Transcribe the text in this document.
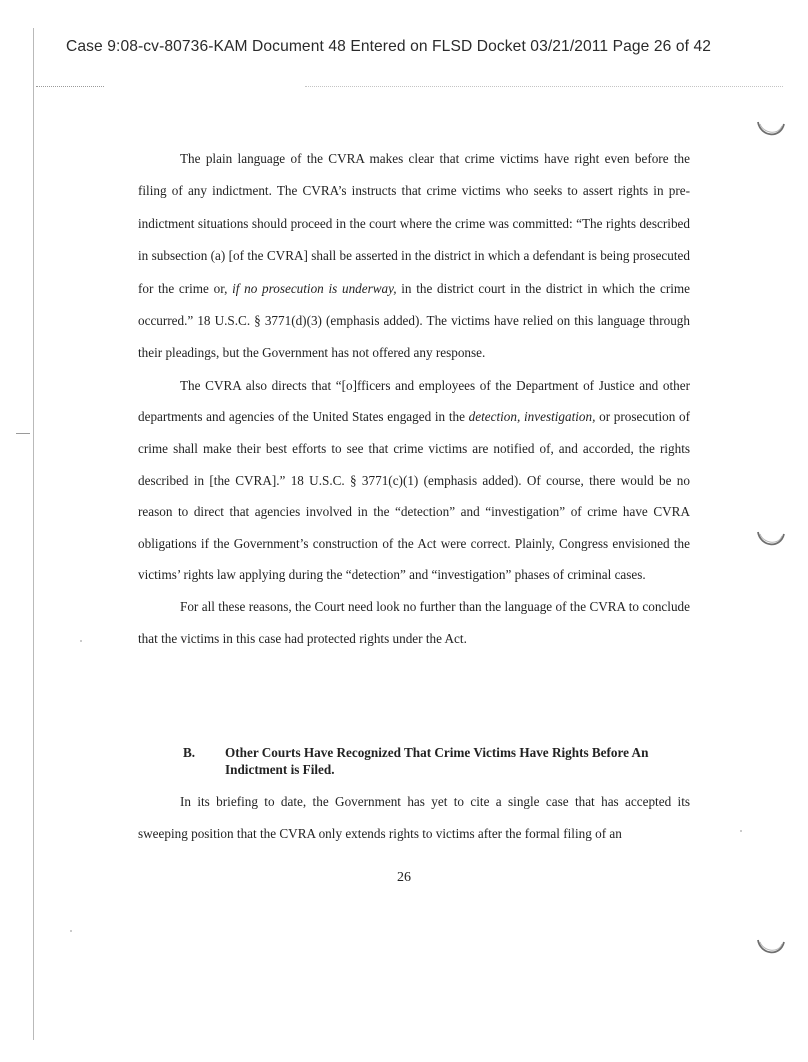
Case 9:08-cv-80736-KAM Document 48 Entered on FLSD Docket 03/21/2011 Page 26 of 42

The plain language of the CVRA makes clear that crime victims have right even before the filing of any indictment. The CVRA’s instructs that crime victims who seeks to assert rights in pre-indictment situations should proceed in the court where the crime was committed: “The rights described in subsection (a) [of the CVRA] shall be asserted in the district in which a defendant is being prosecuted for the crime or, if no prosecution is underway, in the district court in the district in which the crime occurred.” 18 U.S.C. § 3771(d)(3) (emphasis added). The victims have relied on this language through their pleadings, but the Government has not offered any response.

The CVRA also directs that “[o]fficers and employees of the Department of Justice and other departments and agencies of the United States engaged in the detection, investigation, or prosecution of crime shall make their best efforts to see that crime victims are notified of, and accorded, the rights described in [the CVRA].” 18 U.S.C. § 3771(c)(1) (emphasis added). Of course, there would be no reason to direct that agencies involved in the “detection” and “investigation” of crime have CVRA obligations if the Government’s construction of the Act were correct. Plainly, Congress envisioned the victims’ rights law applying during the “detection” and “investigation” phases of criminal cases.

For all these reasons, the Court need look no further than the language of the CVRA to conclude that the victims in this case had protected rights under the Act.

B. Other Courts Have Recognized That Crime Victims Have Rights Before An Indictment is Filed.

In its briefing to date, the Government has yet to cite a single case that has accepted its sweeping position that the CVRA only extends rights to victims after the formal filing of an

26
